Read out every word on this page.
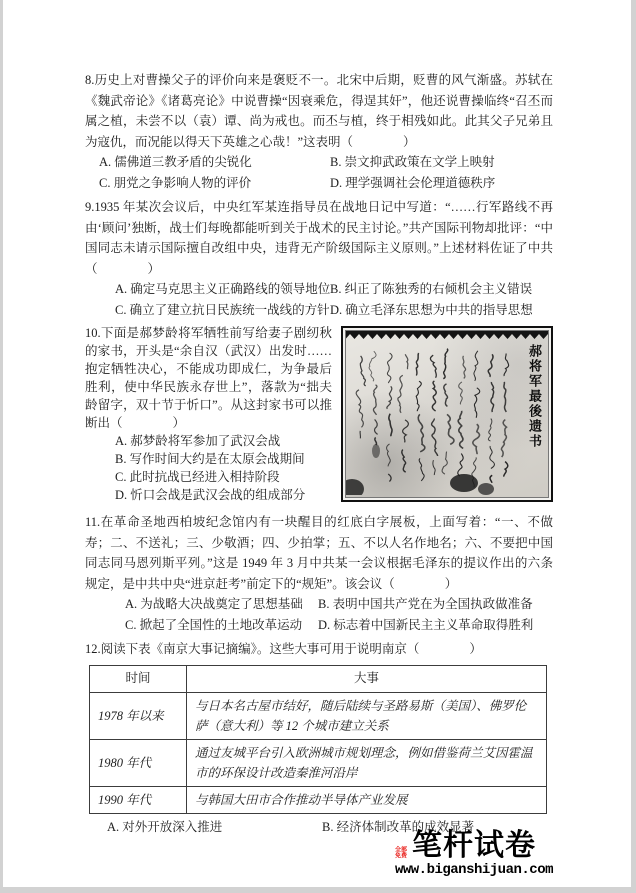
8.历史上对曹操父子的评价向来是褒贬不一。北宋中后期，贬曹的风气渐盛。苏轼在《魏武帝论》《诸葛亮论》中说曹操“因衰乘危，得逞其奸”，他还说曹操临终“召丕而属之植，未尝不以（袁）谭、尚为戒也。而丕与植，终于相残如此。此其父子兄弟且为寇仇，而况能以得天下英雄之心哉！”这表明（　　　　）

A. 儒佛道三教矛盾的尖锐化	B. 崇文抑武政策在文学上映射
C. 朋党之争影响人物的评价	D. 理学强调社会伦理道德秩序

9.1935 年某次会议后，中央红军某连指导员在战地日记中写道：“……行军路线不再由‘顾问’独断，战士们每晚都能听到关于战术的民主讨论。”共产国际刊物却批评：“中国同志未请示国际擅自改组中央，违背无产阶级国际主义原则。”上述材料佐证了中共（　　　　）

A. 确定马克思主义正确路线的领导地位 B. 纠正了陈独秀的右倾机会主义错误
C. 确立了建立抗日民族统一战线的方针 D. 确立毛泽东思想为中共的指导思想
郝将军最後遗书

10.下面是郝梦龄将军牺牲前写给妻子剧纫秋的家书，开头是“余自汉（武汉）出发时……抱定牺牲决心，不能成功即成仁，为争最后胜利，使中华民族永存世上”，落款为“拙夫龄留字，双十节于忻口”。从这封家书可以推断出（　　　　）

A. 郝梦龄将军参加了武汉会战
B. 写作时间大约是在太原会战期间
C. 此时抗战已经进入相持阶段
D. 忻口会战是武汉会战的组成部分

11.在革命圣地西柏坡纪念馆内有一块醒目的红底白字展板，上面写着：“一、不做寿；二、不送礼；三、少敬酒；四、少拍掌；五、不以人名作地名；六、不要把中国同志同马恩列斯平列。”这是 1949 年 3 月中共某一会议根据毛泽东的提议作出的六条规定，是中共中央“进京赶考”前定下的“规矩”。该会议（　　　　）

A. 为战略大决战奠定了思想基础	B. 表明中国共产党在为全国执政做准备
C. 掀起了全国性的土地改革运动	D. 标志着中国新民主主义革命取得胜利

12.阅读下表《南京大事记摘编》。这些大事可用于说明南京（　　　　）

时间	大事
1978 年以来	与日本名古屋市结好，随后陆续与圣路易斯（美国）、佛罗伦萨（意大利）等 12 个城市建立关系
1980 年代	通过友城平台引入欧洲城市规划理念，例如借鉴荷兰艾因霍温市的环保设计改造秦淮河沿岸
1990 年代	与韩国大田市合作推动半导体产业发展
A. 对外开放深入推进	B. 经济体制改革的成效显著
全部免费 笔杆试卷
www.biganshijuan.com
